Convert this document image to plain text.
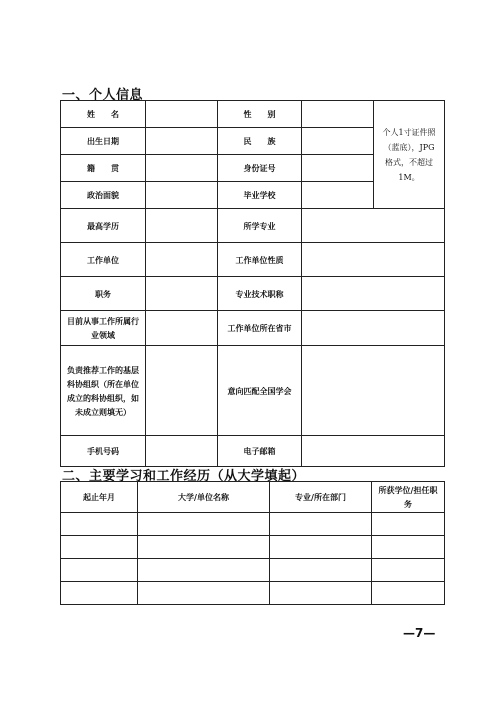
一、个人信息
姓　　名		性　　别		个人1寸证件照（蓝底），JPG格式，不超过1M。
出生日期		民　　族		
籍　　贯		身份证号		
政治面貌		毕业学校		
最高学历		所学专业		
工作单位		工作单位性质		
职务		专业技术职称		
目前从事工作所属行业领域		工作单位所在省市		
负责推荐工作的基层科协组织（所在单位成立的科协组织，如未成立则填无）		意向匹配全国学会		
手机号码		电子邮箱		
二、主要学习和工作经历（从大学填起）
起止年月	大学/单位名称	专业/所在部门	所获学位/担任职务

—7—
